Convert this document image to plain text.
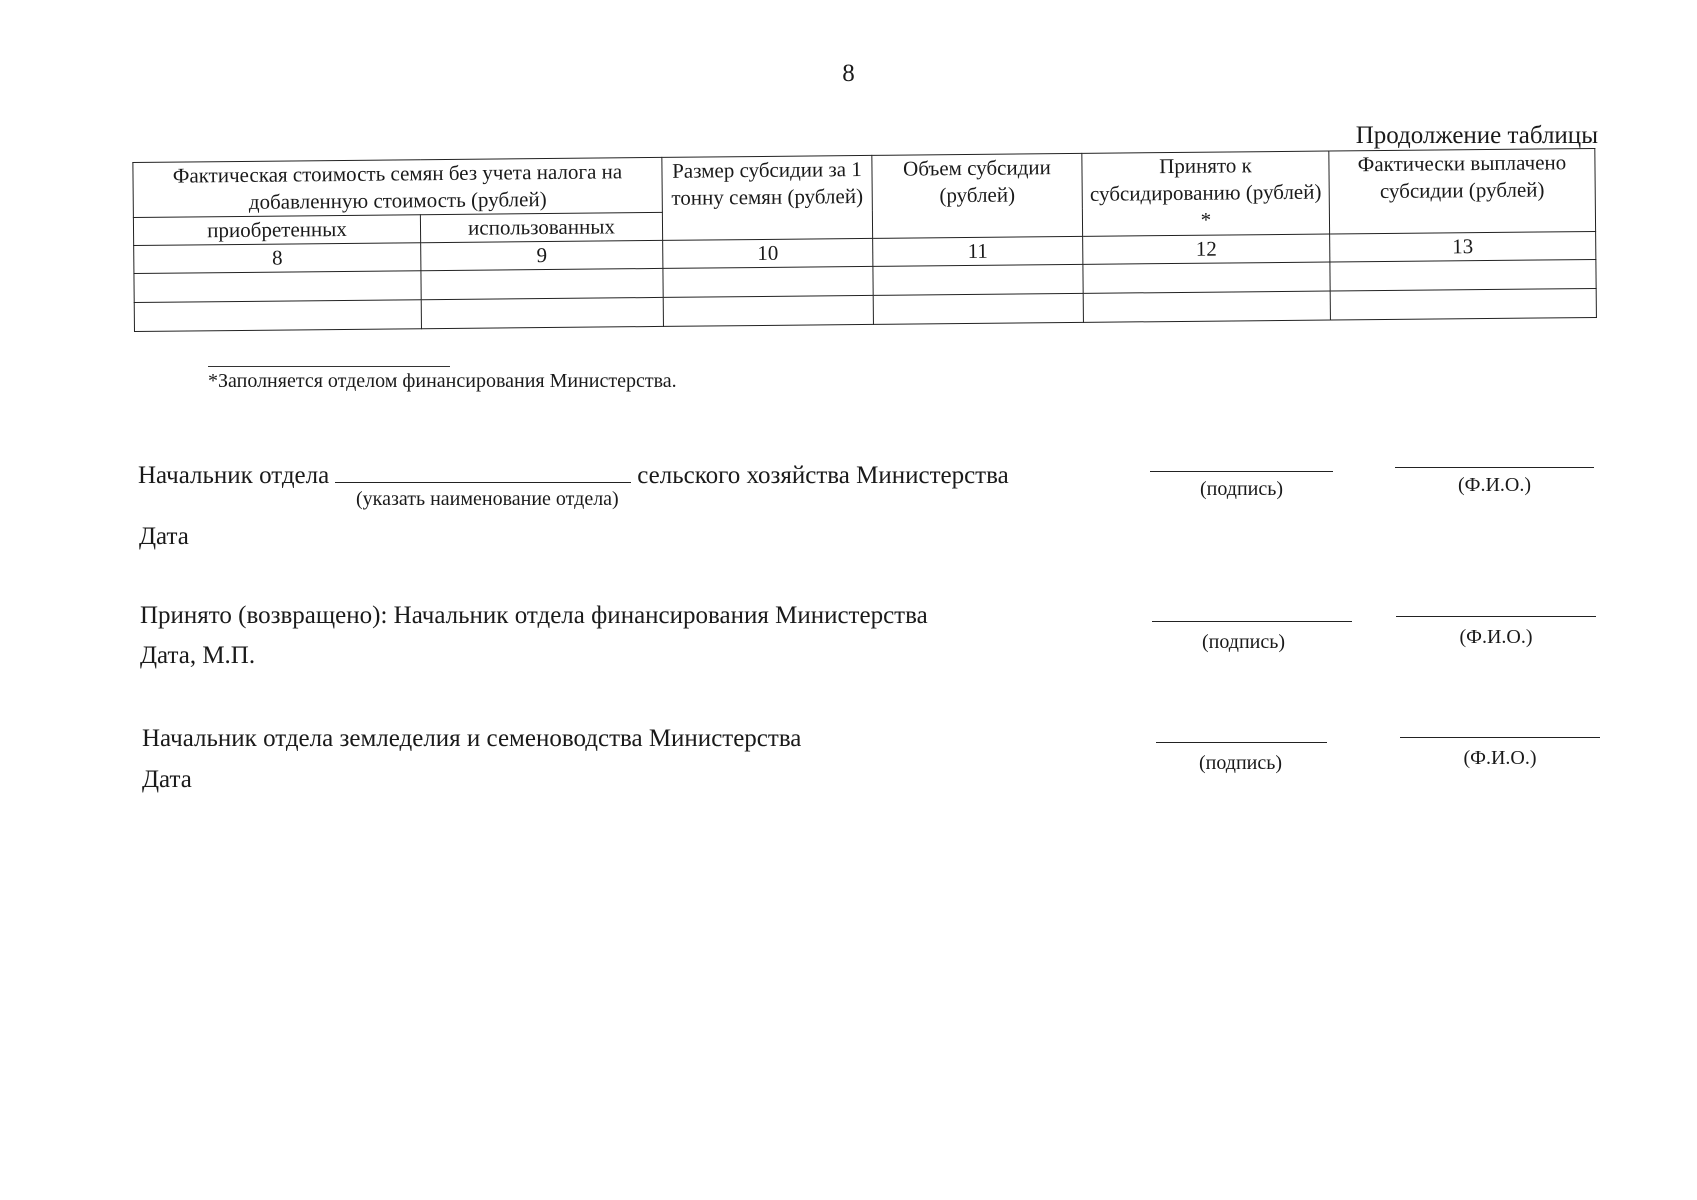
8
Продолжение таблицы
Фактическая стоимость семян без учета налога на добавленную стоимость (рублей)		Размер субсидии за 1 тонну семян (рублей)	Объем субсидии (рублей)	Принято к субсидированию (рублей) *	Фактически выплачено субсидии (рублей)
приобретенных	использованных				
8	9	10	11	12	13

*Заполняется отделом финансирования Министерства.
Начальник отдела	сельского хозяйства Министерства
(указать наименование отдела)
Дата
(подпись)	(Ф.И.О.)
Принято (возвращено): Начальник отдела финансирования Министерства
Дата, М.П.	(подпись)	(Ф.И.О.)
Начальник отдела земледелия и семеноводства Министерства
Дата
(подпись)	(Ф.И.О.)
